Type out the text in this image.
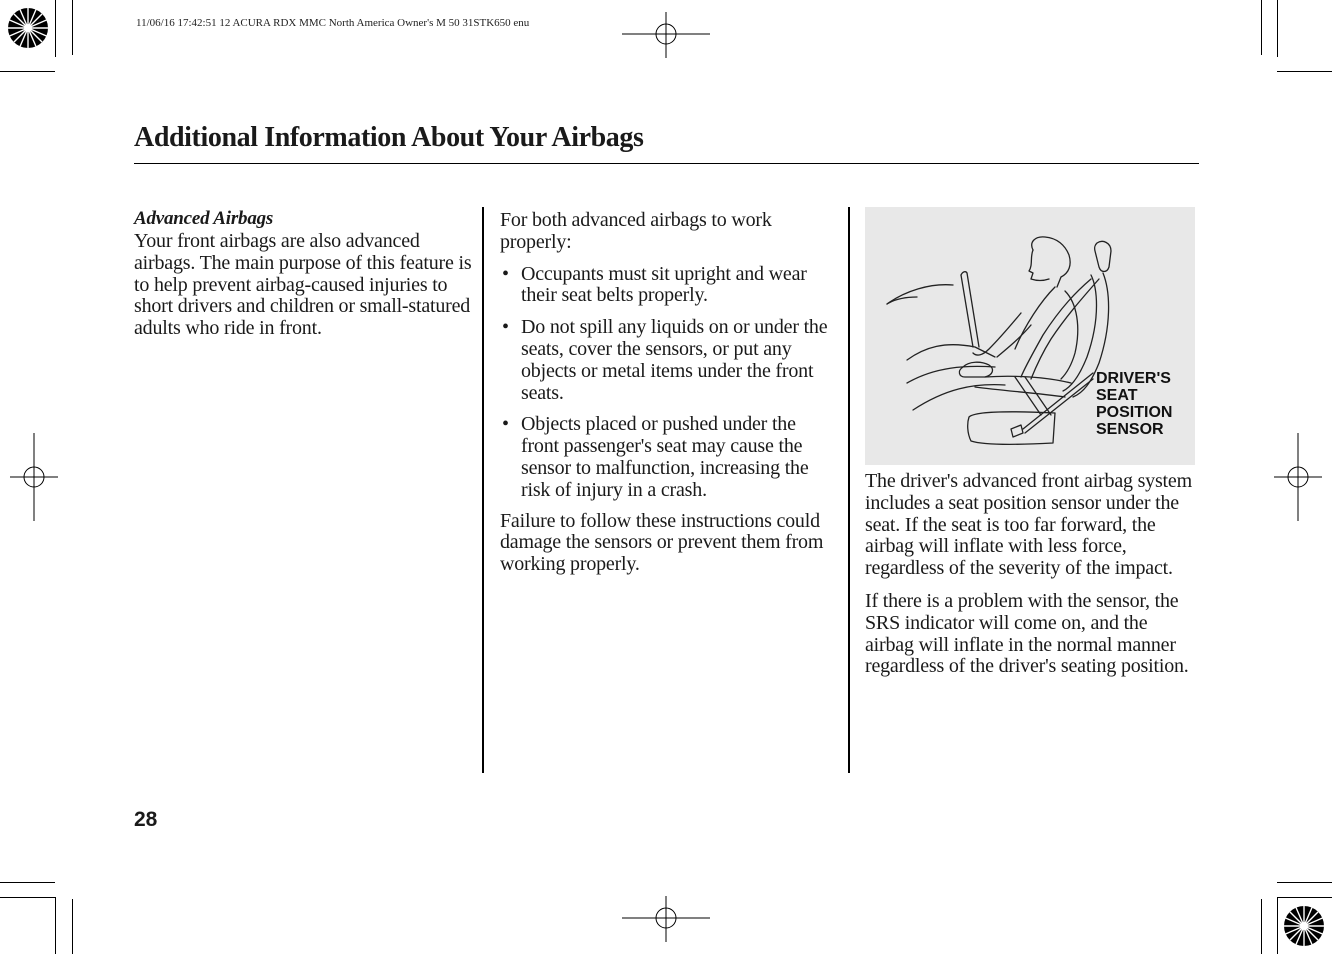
11/06/16 17:42:51 12 ACURA RDX MMC North America Owner's M 50 31STK650 enu
Additional Information About Your Airbags
Advanced Airbags

Your front airbags are also advanced airbags. The main purpose of this feature is to help prevent airbag-caused injuries to short drivers and children or small-statured adults who ride in front.

For both advanced airbags to work properly:

• Occupants must sit upright and wear their seat belts properly.
• Do not spill any liquids on or under the seats, cover the sensors, or put any objects or metal items under the front seats.
• Objects placed or pushed under the front passenger's seat may cause the sensor to malfunction, increasing the risk of injury in a crash.

Failure to follow these instructions could damage the sensors or prevent them from working properly.

DRIVER'S
SEAT
POSITION
SENSOR

The driver's advanced front airbag system includes a seat position sensor under the seat. If the seat is too far forward, the airbag will inflate with less force, regardless of the severity of the impact.

If there is a problem with the sensor, the SRS indicator will come on, and the airbag will inflate in the normal manner regardless of the driver's seating position.

28
